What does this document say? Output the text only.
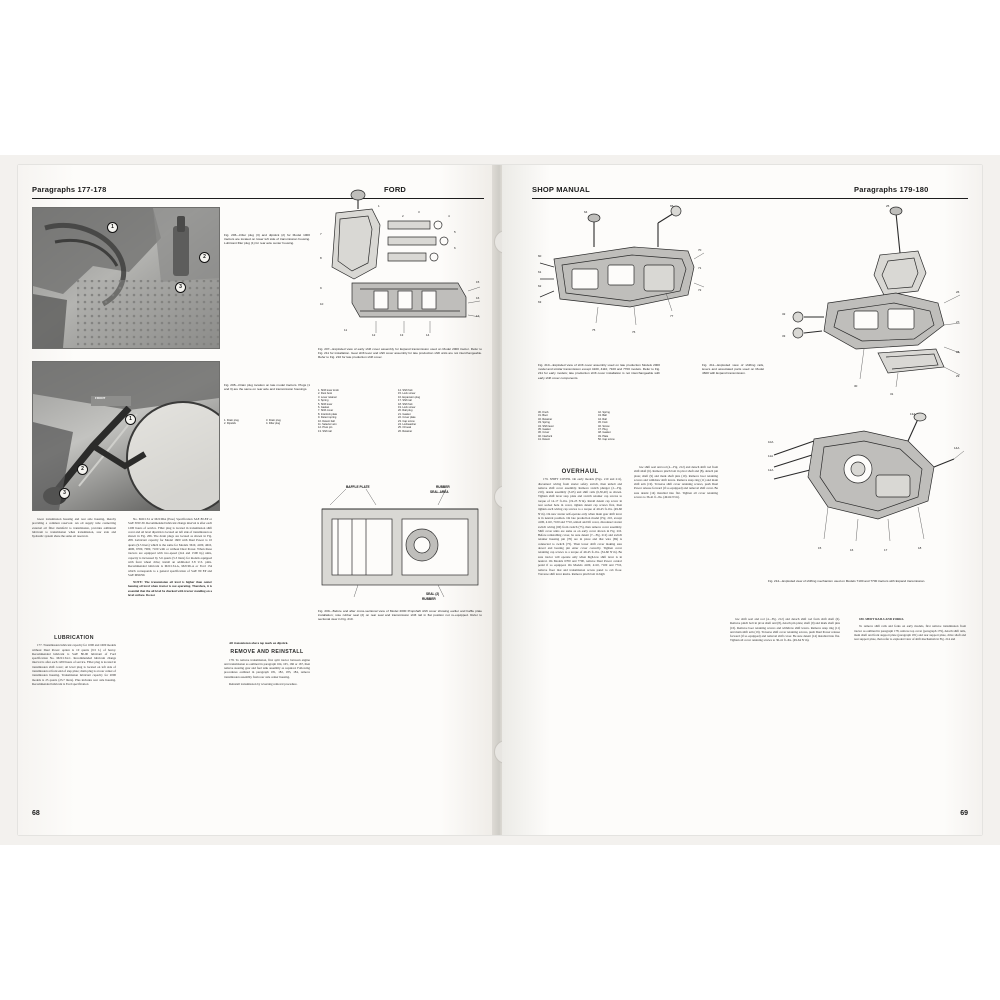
Paragraphs 177-178	FORD
1
2
3
Fig. 206—Filler plug (3) and dipstick (2) for Model 1000 tractors are located on lower left side of transmission housing. Lubricant filler plug (1) for rear axle center housing.
1
2
3
FRONT
Fig. 208—Drain plug location on late model tractors. Plugs (1 and 3) are the same on rear axle and transmission housings.
1. Drain plug
2. Dipstick3. Drain plug
4. Filler plug
1
2
3
4
5
6
7
8
9
10
11
12	13	14
15
16
17
Fig. 207—Exploded view of early shift cover assembly for Expand transmission used on Model 2000 tractor. Refer to Fig. 211 for installation. Gear shift lever and shift cover assembly for late production shift units are not interchangeable. Refer to Fig. 210 for late production shift cover.
1. Shift lever knob
2. Dust boot
3. Lever retainer
4. Spring
5. Shift lever
6. Gasket
7. Shift cover
8. Interlock plate
9. Detent spring
10. Detent ball
11. Selector arm
12. Pivot pin
13. Shift rail14. Shift fork
15. Lock screw
16. Expansion plug
17. Shift rail
18. Shift fork
19. Lock screw
20. Rail plug
21. Gasket
22. Cover plate
23. Cap screw
24. Lockwasher
25. Oil seal
26. Retainer
BAFFLE PLATE	RUBBER
SEAL-AREA
RUBBER
SEAL (2)
Fig. 209—Before and after cross-sectional view of Model 2000 Propshaft shift cover showing earlier and baffle plate installation; note rubber seal (2) on rear seal and transmission shift rail in flat position not re-equipped. Refer to sectional view in Fig. 210.

lower transmission housing and rear axle housing, thereby providing a common reservoir. An oil supply tube connecting external oil filter manifold to transmission, provides additional lubricant to transmission when transmission, rear axle and hydraulic system share the same oil reservoir.

LUBRICATION

177. Transmission lubricant capacity for 1000 and 1600 models without Dual Power option is 10 quarts (9.5 L) of heavy. Recommended lubricant is SAE 80-90 lubricant of Ford specification No. M2C134-C. Recommended lubricant change interval is after each 1200 hours of service. Filler plug is located in transmission shift cover; oil level plug is located on left side of transmission at front end of step plate; drain plug is at rear center of transmission housing. Transmission lubricant capacity for 2000 models is 25 quarts (23.7 liters). Plus includes rear axle housing. Recommended lubricant is Ford specification

No. M2C134 or M2C96A (Esso) Specification SAE 80-EP or SAE 30W-30. Recommended lubricant change interval is after each 1200 hours of service. Filler plug is located in transmission shift cover and oil level dipstick is located on left side of transmission as shown in Fig. 206. The drain plugs are located as shown in Fig. 208. Lubricant capacity for Model 1600 with Dual Power is 10 quarts (9.5 liters) which is the same for Models 3610, 4100, 4610, 4600, 6700, 7000, 7100 with or without Dual Power. When these tractors are equipped with two-speed (2x4 and 1500 hp) units, capacity is increased by 5.6 quarts (5.3 liters) for models equipped with front wheel drive; install an additional 3.8 U.S. pints. Recommended lubricant is M2C134-A, M2C96-A or Ford 134 which corresponds to a general specification of SAE 80 EP and SAE M90/90.

NOTE: The transmission oil level is higher than center housing oil level when tractor is not operating. Therefore, it is essential that the oil level be checked with tractor standing on a level surface. Do not

All transmission above top mark on dipstick.

REMOVE AND REINSTALL

178. To remove transmission, first split tractor between engine and transmission as outlined in paragraph 164, 165, 166 or 167, then remove steering gear and fuel tank assembly as required. Following procedures outlined in paragraph 181, 182, 183, 184, remove transmission assembly from rear axle center housing.

Reinstall transmission by reversing removal procedure.

68
SHOP MANUAL	Paragraphs 179-180
60
61
62
63
64
65
70
71
72
75	76
77
Fig. 210—Exploded view of shift cover assembly used on late production Models 2000 model and similar transmission except 4100, 4110, 7100 and 7700 models. Refer to Fig. 211 for early models; late production shift cover installation is not interchangeable with early shift cover components.
30. Knob
31. Boot
32. Retainer
33. Spring
34. Shift lever
35. Gasket
36. Cover
40. Interlock
41. Detent42. Spring
43. Ball
44. Rail
45. Fork
46. Screw
47. Plug
48. Gasket
49. Plate
50. Cap screw
25
26
27
28
29
30
31
32
33
10A
11A
12A
13A
14A
15	16	17	18
Fig. 212—Exploded view of shifting mechanism used on Models 7100 and 7700 tractors with Expand transmission.
Fig. 211—Exploded view of shifting rails, levers and associated parts used on Model 4600 with Expand transmission.
OVERHAUL

179. SHIFT COVER. On early models (Figs. 210 and 211), disconnect wiring from starter safety switch, then unbolt and remove shift cover assembly. Remove switch plunger (2—Fig. 210), detent assembly (3-65) and shift rails (6,30,40) as shown. Tighten shift lever stop plate and switch retainer cap screws to torque of 14-17 ft.-lbs. (19-23 N·m). Install detent cap screw in rear socket hole in cover, tighten detent cap screws first, then tighten each wiring cap screws to a torque of 40-45 ft.-lbs. (49-60 N·m). On new starter self-operate only when main gear shift lever is in neutral position. On late production model (Fig. 210, except 4100, 4110, 7100 and 7710, unbolt and lift cover, disconnect starter switch wiring (60) from switch (75), then remove cover assembly. Shift cover units are same as on early cover shown in Fig. 210. Before reinstalling cover, be sure detent (7—Fig. 212) and switch retainer housing pin (76) are in place and that wire (69) is connected to switch (75). Then lower shift cover making sure dowel and bearing pin enter cover correctly. Tighten cover retaining cap screws to a torque of 40-45 ft.-lbs. (54-60 N·m). Be sure tractor will operate only when high-low shift lever is in neutral. On Models 6700 and 7700, remove Dual Power control pedal if so equipped. On Models 4100, 4110, 7100 and 7710, remove floor mat and transmission access panel to cab floor. Traverse shift lever knobs. Remove pinch bolt in high

low shift seal and rod (4—Fig. 212) and detach shift rod from shift shaft (6). Remove pinch bolt in pivot shaft and (8), detach pin plate; shaft (9) and mark shaft pins (10). Remove boot retaining screws and withdraw shift levers. Remove snap ring (11) and main shift arm (19). Traverse shift cover retaining screws, push Dual Power release forward (if so equipped) and removal shift cover. Be sure detent (14) installed into flat. Tighten all cover retaining screws to 36-41 ft.-lbs. (49-64 N·m).

low shift seal and rod (4—Fig. 212) and detach shift rod from shift shaft (6). Remove pinch bolt in pivot shaft and (8), detach pin plate; shaft (9) and mark shaft pins (10). Remove boot retaining screws and withdraw shift levers. Remove snap ring (11) and main shift arm (19). Traverse shift cover retaining screws, push Dual Power release forward (if so equipped) and removal shift cover. Be sure detent (14) installed into flat. Tighten all cover retaining screws to 36-41 ft.-lbs. (49-64 N·m).

180. SHIFT RAILS AND FORKS.

To remove shift rails and forks on early models, first remove transmission from tractor as outlined in paragraph 178, remove top cover (paragraph 179), detach shift rails, main shaft and front support plate (paragraph 181) and rear support plate, drive shaft and rear support plate, then refer to exploded view of shift mechanism in Fig. 214 and

69
